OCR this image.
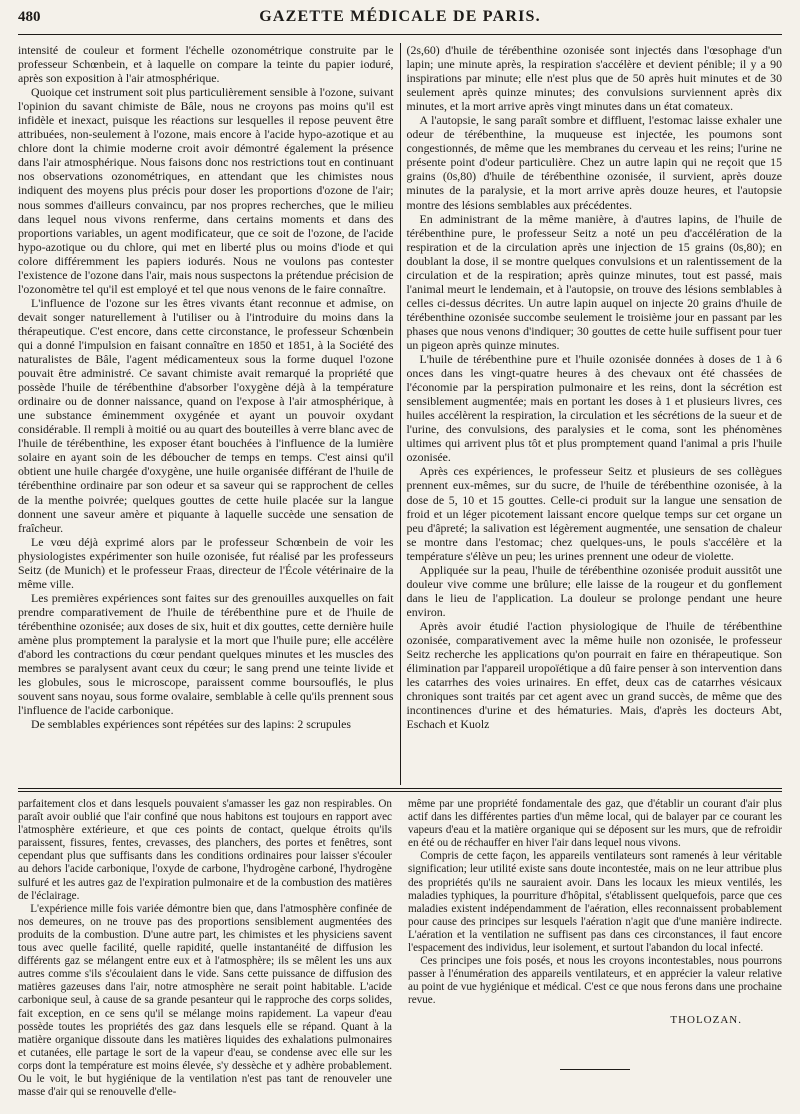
480	GAZETTE MÉDICALE DE PARIS.

intensité de couleur et forment l'échelle ozonométrique construite par le professeur Schœnbein, et à laquelle on compare la teinte du papier ioduré, après son exposition à l'air atmosphérique.

Quoique cet instrument soit plus particulièrement sensible à l'ozone, suivant l'opinion du savant chimiste de Bâle, nous ne croyons pas moins qu'il est infidèle et inexact, puisque les réactions sur lesquelles il repose peuvent être attribuées, non-seulement à l'ozone, mais encore à l'acide hypo-azotique et au chlore dont la chimie moderne croit avoir démontré également la présence dans l'air atmosphérique. Nous faisons donc nos restrictions tout en continuant nos observations ozonométriques, en attendant que les chimistes nous indiquent des moyens plus précis pour doser les proportions d'ozone de l'air; nous sommes d'ailleurs convaincu, par nos propres recherches, que le milieu dans lequel nous vivons renferme, dans certains moments et dans des proportions variables, un agent modificateur, que ce soit de l'ozone, de l'acide hypo-azotique ou du chlore, qui met en liberté plus ou moins d'iode et qui colore différemment les papiers iodurés. Nous ne voulons pas contester l'existence de l'ozone dans l'air, mais nous suspectons la prétendue précision de l'ozonomètre tel qu'il est employé et tel que nous venons de le faire connaître.

L'influence de l'ozone sur les êtres vivants étant reconnue et admise, on devait songer naturellement à l'utiliser ou à l'introduire du moins dans la thérapeutique. C'est encore, dans cette circonstance, le professeur Schœnbein qui a donné l'impulsion en faisant connaître en 1850 et 1851, à la Société des naturalistes de Bâle, l'agent médicamenteux sous la forme duquel l'ozone pouvait être administré. Ce savant chimiste avait remarqué la propriété que possède l'huile de térébenthine d'absorber l'oxygène déjà à la température ordinaire ou de donner naissance, quand on l'expose à l'air atmosphérique, à une substance éminemment oxygénée et ayant un pouvoir oxydant considérable. Il rempli à moitié ou au quart des bouteilles à verre blanc avec de l'huile de térébenthine, les exposer étant bouchées à l'influence de la lumière solaire en ayant soin de les déboucher de temps en temps. C'est ainsi qu'il obtient une huile chargée d'oxygène, une huile organisée différant de l'huile de térébenthine ordinaire par son odeur et sa saveur qui se rapprochent de celles de la menthe poivrée; quelques gouttes de cette huile placée sur la langue donnent une saveur amère et piquante à laquelle succède une sensation de fraîcheur.

Le vœu déjà exprimé alors par le professeur Schœnbein de voir les physiologistes expérimenter son huile ozonisée, fut réalisé par les professeurs Seitz (de Munich) et le professeur Fraas, directeur de l'École vétérinaire de la même ville.

Les premières expériences sont faites sur des grenouilles auxquelles on fait prendre comparativement de l'huile de térébenthine pure et de l'huile de térébenthine ozonisée; aux doses de six, huit et dix gouttes, cette dernière huile amène plus promptement la paralysie et la mort que l'huile pure; elle accélère d'abord les contractions du cœur pendant quelques minutes et les muscles des membres se paralysent avant ceux du cœur; le sang prend une teinte livide et les globules, sous le microscope, paraissent comme boursouflés, le plus souvent sans noyau, sous forme ovalaire, semblable à celle qu'ils prennent sous l'influence de l'acide carbonique.

De semblables expériences sont répétées sur des lapins: 2 scrupules

(2s,60) d'huile de térébenthine ozonisée sont injectés dans l'œsophage d'un lapin; une minute après, la respiration s'accélère et devient pénible; il y a 90 inspirations par minute; elle n'est plus que de 50 après huit minutes et de 30 seulement après quinze minutes; des convulsions surviennent après dix minutes, et la mort arrive après vingt minutes dans un état comateux.

A l'autopsie, le sang paraît sombre et diffluent, l'estomac laisse exhaler une odeur de térébenthine, la muqueuse est injectée, les poumons sont congestionnés, de même que les membranes du cerveau et les reins; l'urine ne présente point d'odeur particulière. Chez un autre lapin qui ne reçoit que 15 grains (0s,80) d'huile de térébenthine ozonisée, il survient, après douze minutes de la paralysie, et la mort arrive après douze heures, et l'autopsie montre des lésions semblables aux précédentes.

En administrant de la même manière, à d'autres lapins, de l'huile de térébenthine pure, le professeur Seitz a noté un peu d'accélération de la respiration et de la circulation après une injection de 15 grains (0s,80); en doublant la dose, il se montre quelques convulsions et un ralentissement de la circulation et de la respiration; après quinze minutes, tout est passé, mais l'animal meurt le lendemain, et à l'autopsie, on trouve des lésions semblables à celles ci-dessus décrites. Un autre lapin auquel on injecte 20 grains d'huile de térébenthine ozonisée succombe seulement le troisième jour en passant par les phases que nous venons d'indiquer; 30 gouttes de cette huile suffisent pour tuer un pigeon après quinze minutes.

L'huile de térébenthine pure et l'huile ozonisée données à doses de 1 à 6 onces dans les vingt-quatre heures à des chevaux ont été chassées de l'économie par la perspiration pulmonaire et les reins, dont la sécrétion est sensiblement augmentée; mais en portant les doses à 1 et plusieurs livres, ces huiles accélèrent la respiration, la circulation et les sécrétions de la sueur et de l'urine, des convulsions, des paralysies et le coma, sont les phénomènes ultimes qui arrivent plus tôt et plus promptement quand l'animal a pris l'huile ozonisée.

Après ces expériences, le professeur Seitz et plusieurs de ses collègues prennent eux-mêmes, sur du sucre, de l'huile de térébenthine ozonisée, à la dose de 5, 10 et 15 gouttes. Celle-ci produit sur la langue une sensation de froid et un léger picotement laissant encore quelque temps sur cet organe un peu d'âpreté; la salivation est légèrement augmentée, une sensation de chaleur se montre dans l'estomac; chez quelques-uns, le pouls s'accélère et la température s'élève un peu; les urines prennent une odeur de violette.

Appliquée sur la peau, l'huile de térébenthine ozonisée produit aussitôt une douleur vive comme une brûlure; elle laisse de la rougeur et du gonflement dans le lieu de l'application. La douleur se prolonge pendant une heure environ.

Après avoir étudié l'action physiologique de l'huile de térébenthine ozonisée, comparativement avec la même huile non ozonisée, le professeur Seitz recherche les applications qu'on pourrait en faire en thérapeutique. Son élimination par l'appareil uropoïétique a dû faire penser à son intervention dans les catarrhes des voies urinaires. En effet, deux cas de catarrhes vésicaux chroniques sont traités par cet agent avec un grand succès, de même que des incontinences d'urine et des hématuries. Mais, d'après les docteurs Abt, Eschach et Kuolz

parfaitement clos et dans lesquels pouvaient s'amasser les gaz non respirables. On paraît avoir oublié que l'air confiné que nous habitons est toujours en rapport avec l'atmosphère extérieure, et que ces points de contact, quelque étroits qu'ils paraissent, fissures, fentes, crevasses, des planchers, des portes et fenêtres, sont cependant plus que suffisants dans les conditions ordinaires pour laisser s'écouler au dehors l'acide carbonique, l'oxyde de carbone, l'hydrogène carboné, l'hydrogène sulfuré et les autres gaz de l'expiration pulmonaire et de la combustion des matières de l'éclairage.

L'expérience mille fois variée démontre bien que, dans l'atmosphère confinée de nos demeures, on ne trouve pas des proportions sensiblement augmentées des produits de la combustion. D'une autre part, les chimistes et les physiciens savent tous avec quelle facilité, quelle rapidité, quelle instantanéité de diffusion les différents gaz se mélangent entre eux et à l'atmosphère; ils se mêlent les uns aux autres comme s'ils s'écoulaient dans le vide. Sans cette puissance de diffusion des matières gazeuses dans l'air, notre atmosphère ne serait point habitable. L'acide carbonique seul, à cause de sa grande pesanteur qui le rapproche des corps solides, fait exception, en ce sens qu'il se mélange moins rapidement. La vapeur d'eau possède toutes les propriétés des gaz dans lesquels elle se répand. Quant à la matière organique dissoute dans les matières liquides des exhalations pulmonaires et cutanées, elle partage le sort de la vapeur d'eau, se condense avec elle sur les corps dont la température est moins élevée, s'y dessèche et y adhère probablement. Ou le voit, le but hygiénique de la ventilation n'est pas tant de renouveler une masse d'air qui se renouvelle d'elle-

même par une propriété fondamentale des gaz, que d'établir un courant d'air plus actif dans les différentes parties d'un même local, qui de balayer par ce courant les vapeurs d'eau et la matière organique qui se déposent sur les murs, que de refroidir en été ou de réchauffer en hiver l'air dans lequel nous vivons.

Compris de cette façon, les appareils ventilateurs sont ramenés à leur véritable signification; leur utilité existe sans doute incontestée, mais on ne leur attribue plus des propriétés qu'ils ne sauraient avoir. Dans les locaux les mieux ventilés, les maladies typhiques, la pourriture d'hôpital, s'établissent quelquefois, parce que ces maladies existent indépendamment de l'aération, elles reconnaissent probablement pour cause des principes sur lesquels l'aération n'agit que d'une manière indirecte. L'aération et la ventilation ne suffisent pas dans ces circonstances, il faut encore l'espacement des individus, leur isolement, et surtout l'abandon du local infecté.

Ces principes une fois posés, et nous les croyons incontestables, nous pourrons passer à l'énumération des appareils ventilateurs, et en apprécier la valeur relative au point de vue hygiénique et médical. C'est ce que nous ferons dans une prochaine revue.

THOLOZAN.
